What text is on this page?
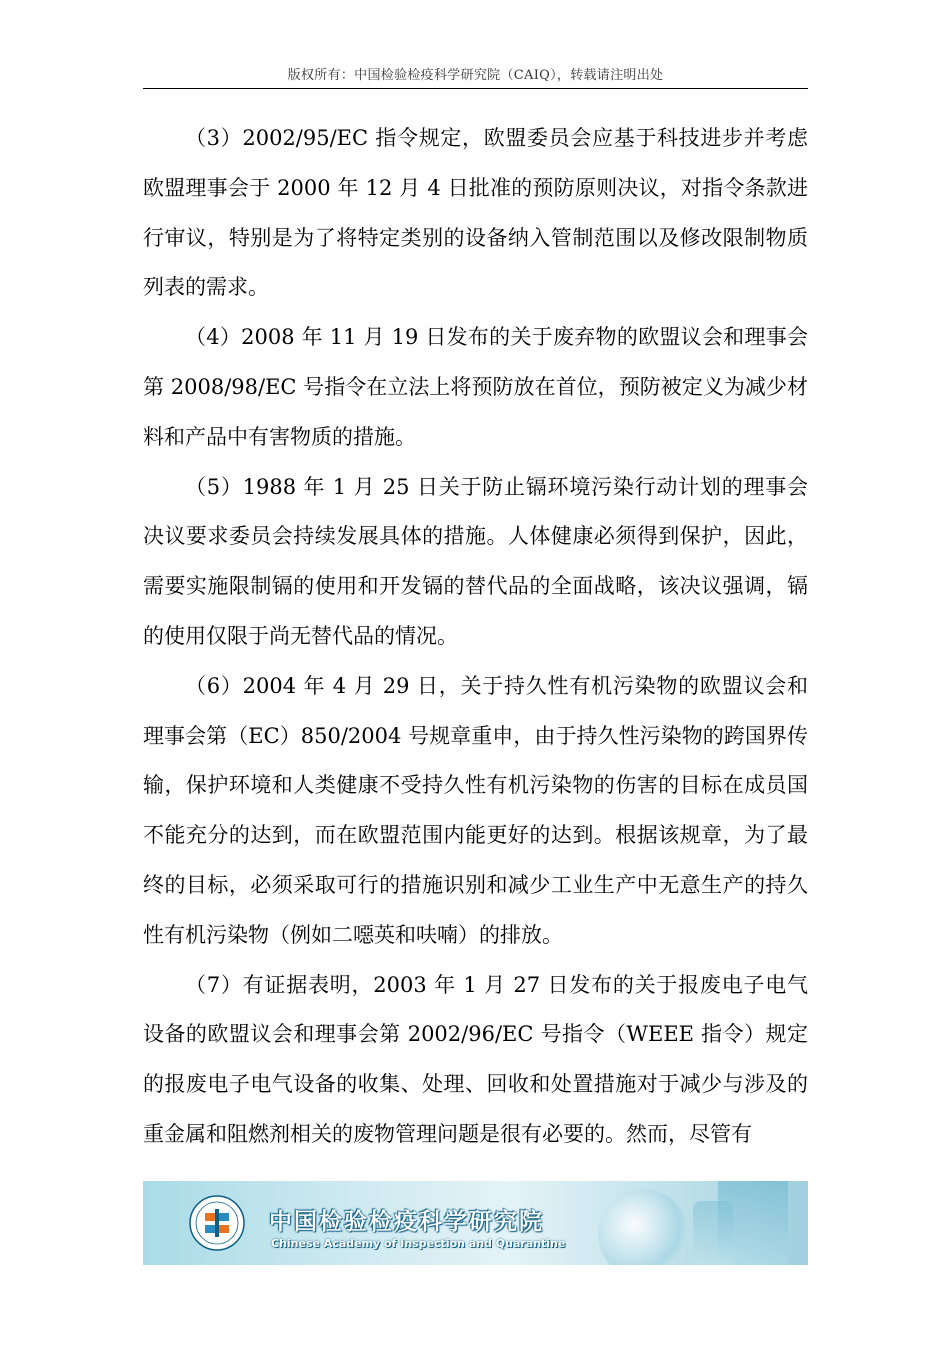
版权所有：中国检验检疫科学研究院（CAIQ），转载请注明出处

（3）2002/95/EC 指令规定，欧盟委员会应基于科技进步并考虑欧盟理事会于 2000 年 12 月 4 日批准的预防原则决议，对指令条款进行审议，特别是为了将特定类别的设备纳入管制范围以及修改限制物质列表的需求。

（4）2008 年 11 月 19 日发布的关于废弃物的欧盟议会和理事会第 2008/98/EC 号指令在立法上将预防放在首位，预防被定义为减少材料和产品中有害物质的措施。

（5）1988 年 1 月 25 日关于防止镉环境污染行动计划的理事会决议要求委员会持续发展具体的措施。人体健康必须得到保护，因此，需要实施限制镉的使用和开发镉的替代品的全面战略，该决议强调，镉的使用仅限于尚无替代品的情况。

（6）2004 年 4 月 29 日，关于持久性有机污染物的欧盟议会和理事会第（EC）850/2004 号规章重申，由于持久性污染物的跨国界传输，保护环境和人类健康不受持久性有机污染物的伤害的目标在成员国不能充分的达到，而在欧盟范围内能更好的达到。根据该规章，为了最终的目标，必须采取可行的措施识别和减少工业生产中无意生产的持久性有机污染物（例如二噁英和呋喃）的排放。

（7）有证据表明，2003 年 1 月 27 日发布的关于报废电子电气设备的欧盟议会和理事会第 2002/96/EC 号指令（WEEE 指令）规定的报废电子电气设备的收集、处理、回收和处置措施对于减少与涉及的重金属和阻燃剂相关的废物管理问题是很有必要的。然而，尽管有

中国检验检疫科学研究院
Chinese Academy of Inspection and Quarantine
